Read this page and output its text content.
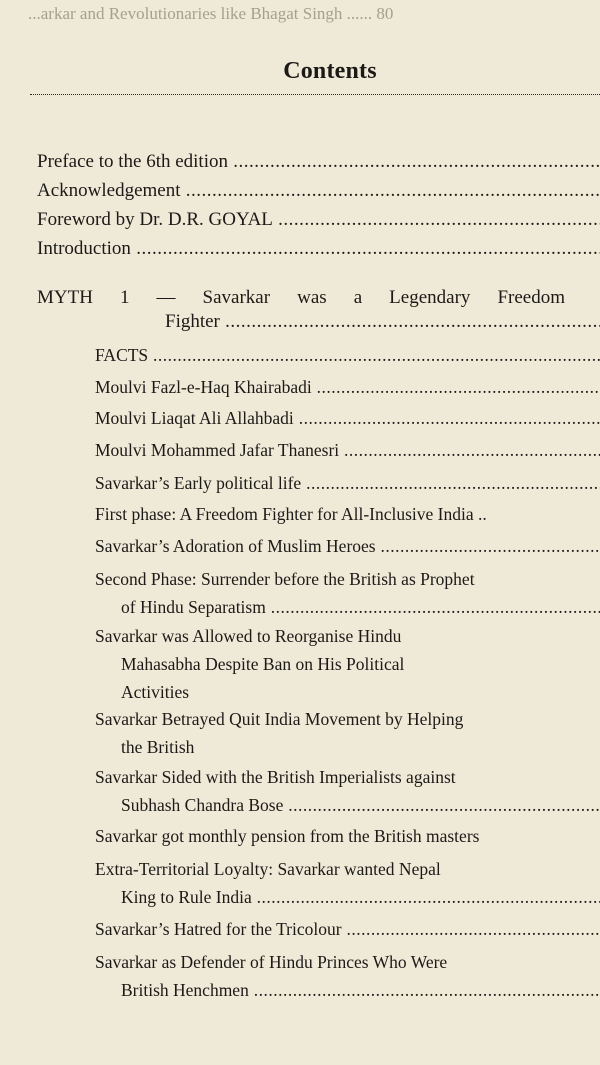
...arkar and Revolutionaries like Bhagat Singh ...... 80
Contents
Preface to the 6th edition .....
Acknowledgement .....
Foreword by Dr. D.R. GOYAL .....
Introduction .....
MYTH 1 — Savarkar was a Legendary Freedom
Fighter .....
FACTS .....
Moulvi Fazl-e-Haq Khairabadi .....
Moulvi Liaqat Ali Allahbadi .....
Moulvi Mohammed Jafar Thanesri .....
Savarkar’s Early political life .....
First phase: A Freedom Fighter for All-Inclusive India ..
Savarkar’s Adoration of Muslim Heroes .....
Second Phase: Surrender before the British as Prophet
of Hindu Separatism .....
Savarkar was Allowed to Reorganise Hindu
Mahasabha Despite Ban on His Political
Activities
Savarkar Betrayed Quit India Movement by Helping
the British
Savarkar Sided with the British Imperialists against
Subhash Chandra Bose .....
Savarkar got monthly pension from the British masters
Extra-Territorial Loyalty: Savarkar wanted Nepal
King to Rule India .....
Savarkar’s Hatred for the Tricolour .....
Savarkar as Defender of Hindu Princes Who Were
British Henchmen .....
